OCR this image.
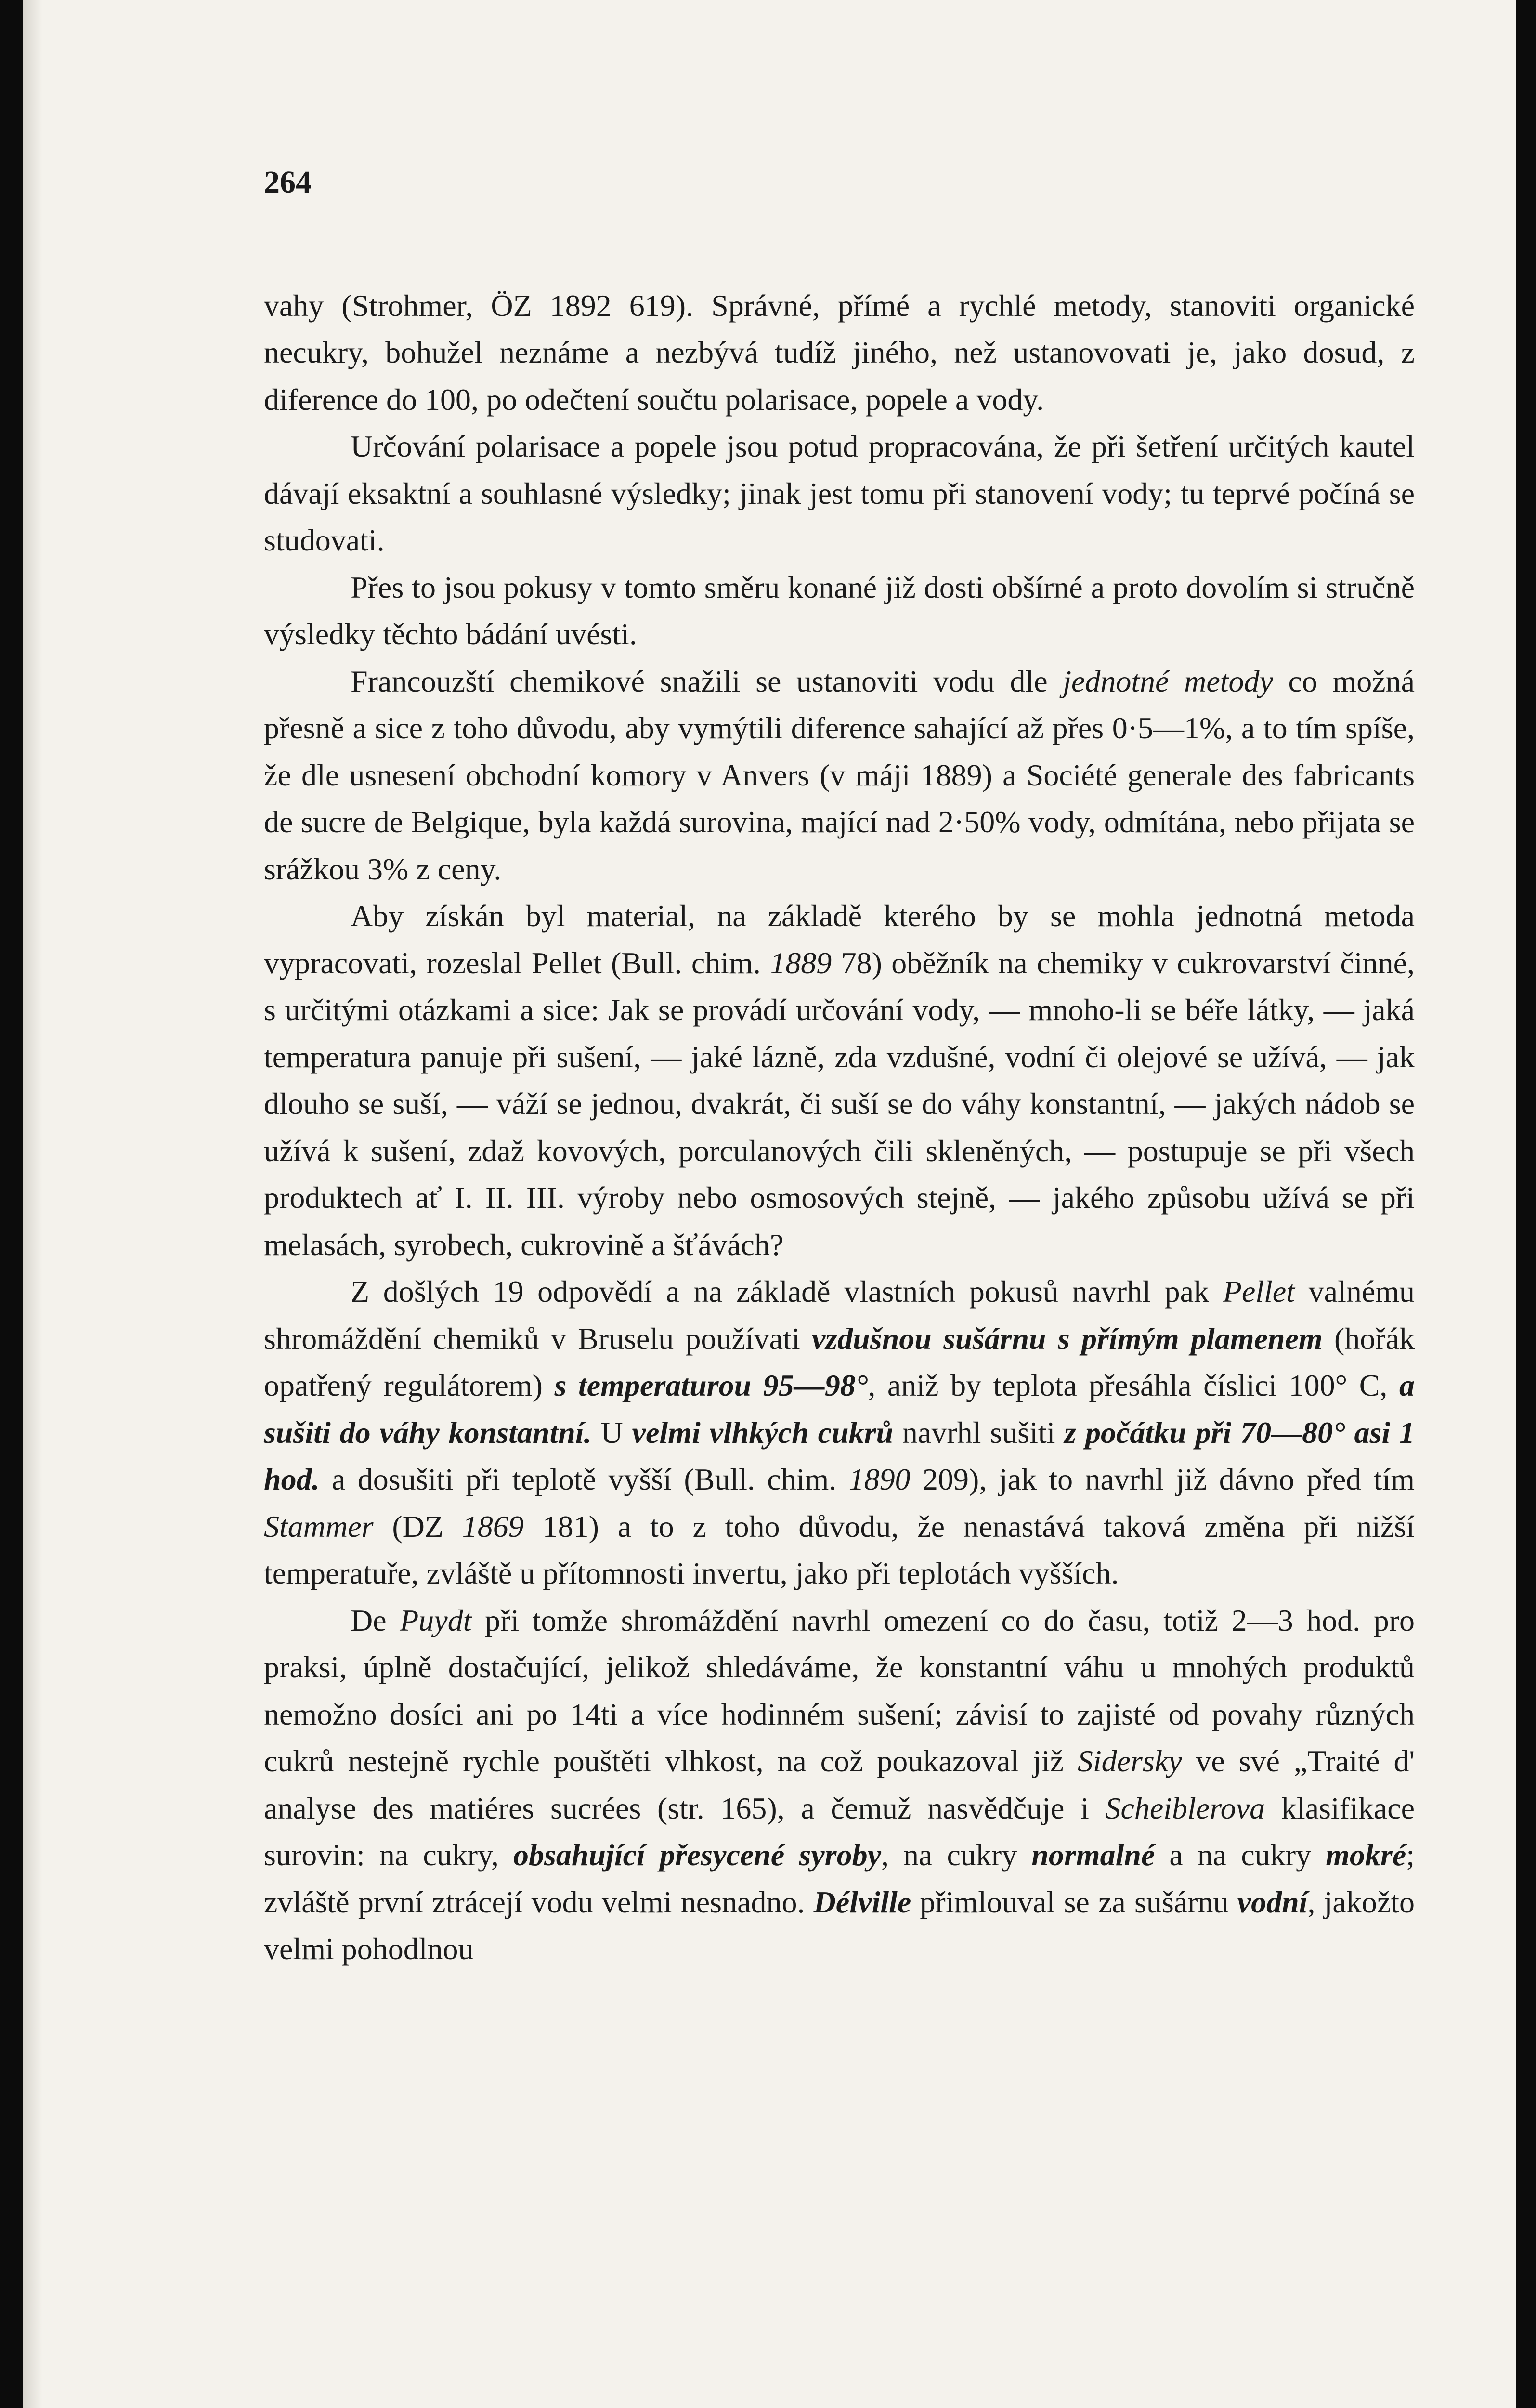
264

vahy (Strohmer, ÖZ 1892 619). Správné, přímé a rychlé metody, stanoviti organické necukry, bohužel neznáme a nezbývá tudíž jiného, než ustanovovati je, jako dosud, z diference do 100, po odečtení součtu polarisace, popele a vody.

Určování polarisace a popele jsou potud propracována, že při šetření určitých kautel dávají eksaktní a souhlasné výsledky; jinak jest tomu při stanovení vody; tu teprvé počíná se studovati.

Přes to jsou pokusy v tomto směru konané již dosti obšírné a proto dovolím si stručně výsledky těchto bádání uvésti.

Francouzští chemikové snažili se ustanoviti vodu dle jednotné metody co možná přesně a sice z toho důvodu, aby vymýtili diference sahající až přes 0·5—1%, a to tím spíše, že dle usnesení obchodní komory v Anvers (v máji 1889) a Société generale des fabricants de sucre de Belgique, byla každá surovina, mající nad 2·50% vody, odmítána, nebo přijata se srážkou 3% z ceny.

Aby získán byl material, na základě kterého by se mohla jednotná metoda vypracovati, rozeslal Pellet (Bull. chim. 1889 78) oběžník na chemiky v cukrovarství činné, s určitými otázkami a sice: Jak se provádí určování vody, — mnoho-li se béře látky, — jaká temperatura panuje při sušení, — jaké lázně, zda vzdušné, vodní či olejové se užívá, — jak dlouho se suší, — váží se jednou, dvakrát, či suší se do váhy konstantní, — jakých nádob se užívá k sušení, zdaž kovových, porculanových čili skleněných, — postupuje se při všech produktech ať I. II. III. výroby nebo osmosových stejně, — jakého způsobu užívá se při melasách, syrobech, cukrovině a šťávách?

Z došlých 19 odpovědí a na základě vlastních pokusů navrhl pak Pellet valnému shromáždění chemiků v Bruselu používati vzdušnou sušárnu s přímým plamenem (hořák opatřený regulátorem) s temperaturou 95—98°, aniž by teplota přesáhla číslici 100° C, a sušiti do váhy konstantní. U velmi vlhkých cukrů navrhl sušiti z počátku při 70—80° asi 1 hod. a dosušiti při teplotě vyšší (Bull. chim. 1890 209), jak to navrhl již dávno před tím Stammer (DZ 1869 181) a to z toho důvodu, že nenastává taková změna při nižší temperatuře, zvláště u přítomnosti invertu, jako při teplotách vyšších.

De Puydt při tomže shromáždění navrhl omezení co do času, totiž 2—3 hod. pro praksi, úplně dostačující, jelikož shledáváme, že konstantní váhu u mnohých produktů nemožno dosíci ani po 14ti a více hodinném sušení; závisí to zajisté od povahy různých cukrů nestejně rychle pouštěti vlhkost, na což poukazoval již Sidersky ve své „Traité d' analyse des matiéres sucrées (str. 165), a čemuž nasvědčuje i Scheiblerova klasifikace surovin: na cukry, obsahující přesycené syroby, na cukry normalné a na cukry mokré; zvláště první ztrácejí vodu velmi nesnadno. Délville přimlouval se za sušárnu vodní, jakožto velmi pohodlnou
